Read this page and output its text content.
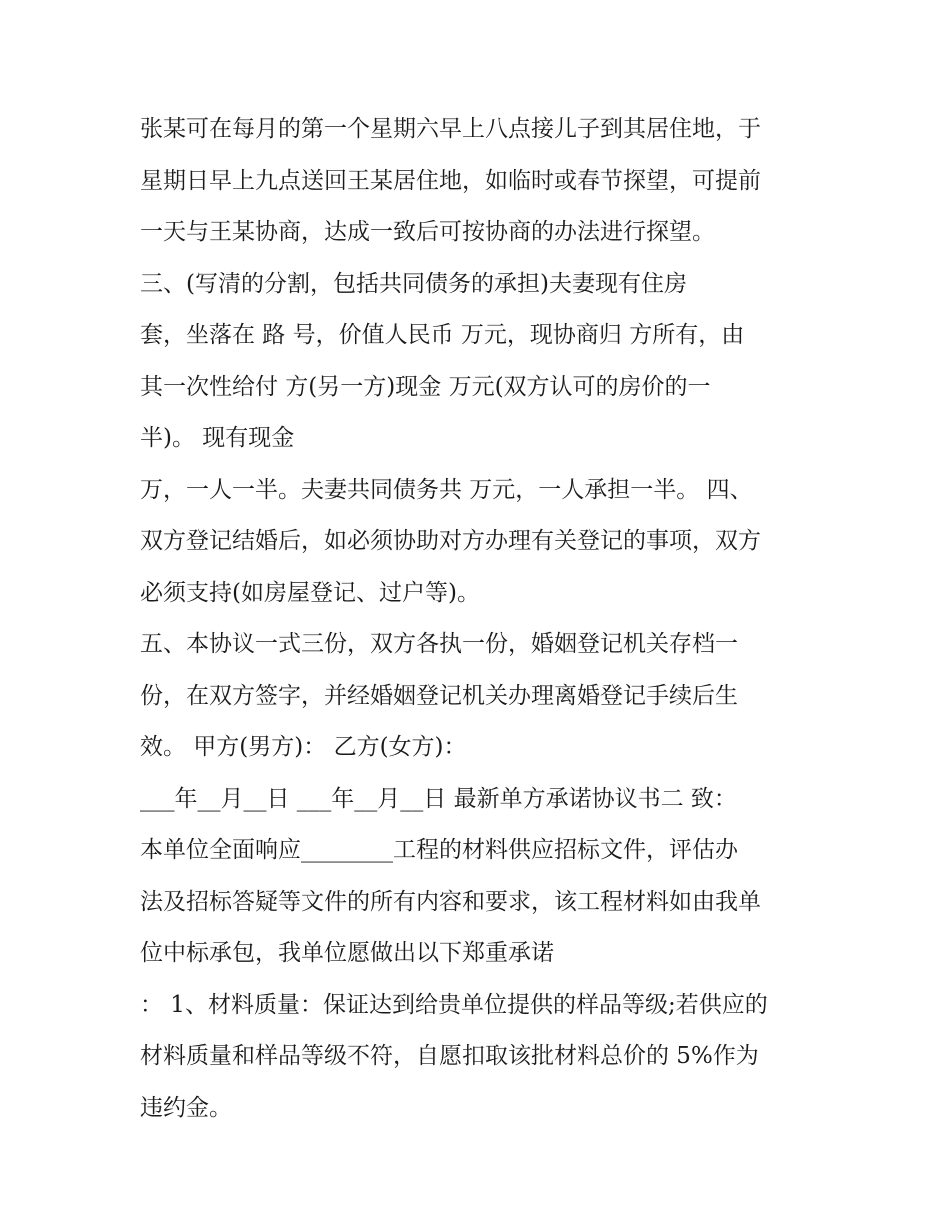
张某可在每月的第一个星期六早上八点接儿子到其居住地，于
星期日早上九点送回王某居住地，如临时或春节探望，可提前
一天与王某协商，达成一致后可按协商的办法进行探望。
三、(写清的分割，包括共同债务的承担)夫妻现有住房
套，坐落在 路 号，价值人民币 万元，现协商归 方所有，由
其一次性给付 方(另一方)现金 万元(双方认可的房价的一
半)。 现有现金
万，一人一半。夫妻共同债务共 万元，一人承担一半。 四、
双方登记结婚后，如必须协助对方办理有关登记的事项，双方
必须支持(如房屋登记、过户等)。
五、本协议一式三份，双方各执一份，婚姻登记机关存档一
份，在双方签字，并经婚姻登记机关办理离婚登记手续后生
效。 甲方(男方)： 乙方(女方)：
___年__月__日 ___年__月__日 最新单方承诺协议书二 致：
本单位全面响应________工程的材料供应招标文件，评估办
法及招标答疑等文件的所有内容和要求，该工程材料如由我单
位中标承包，我单位愿做出以下郑重承诺
： 1、材料质量：保证达到给贵单位提供的样品等级;若供应的
材料质量和样品等级不符，自愿扣取该批材料总价的 5%作为
违约金。
